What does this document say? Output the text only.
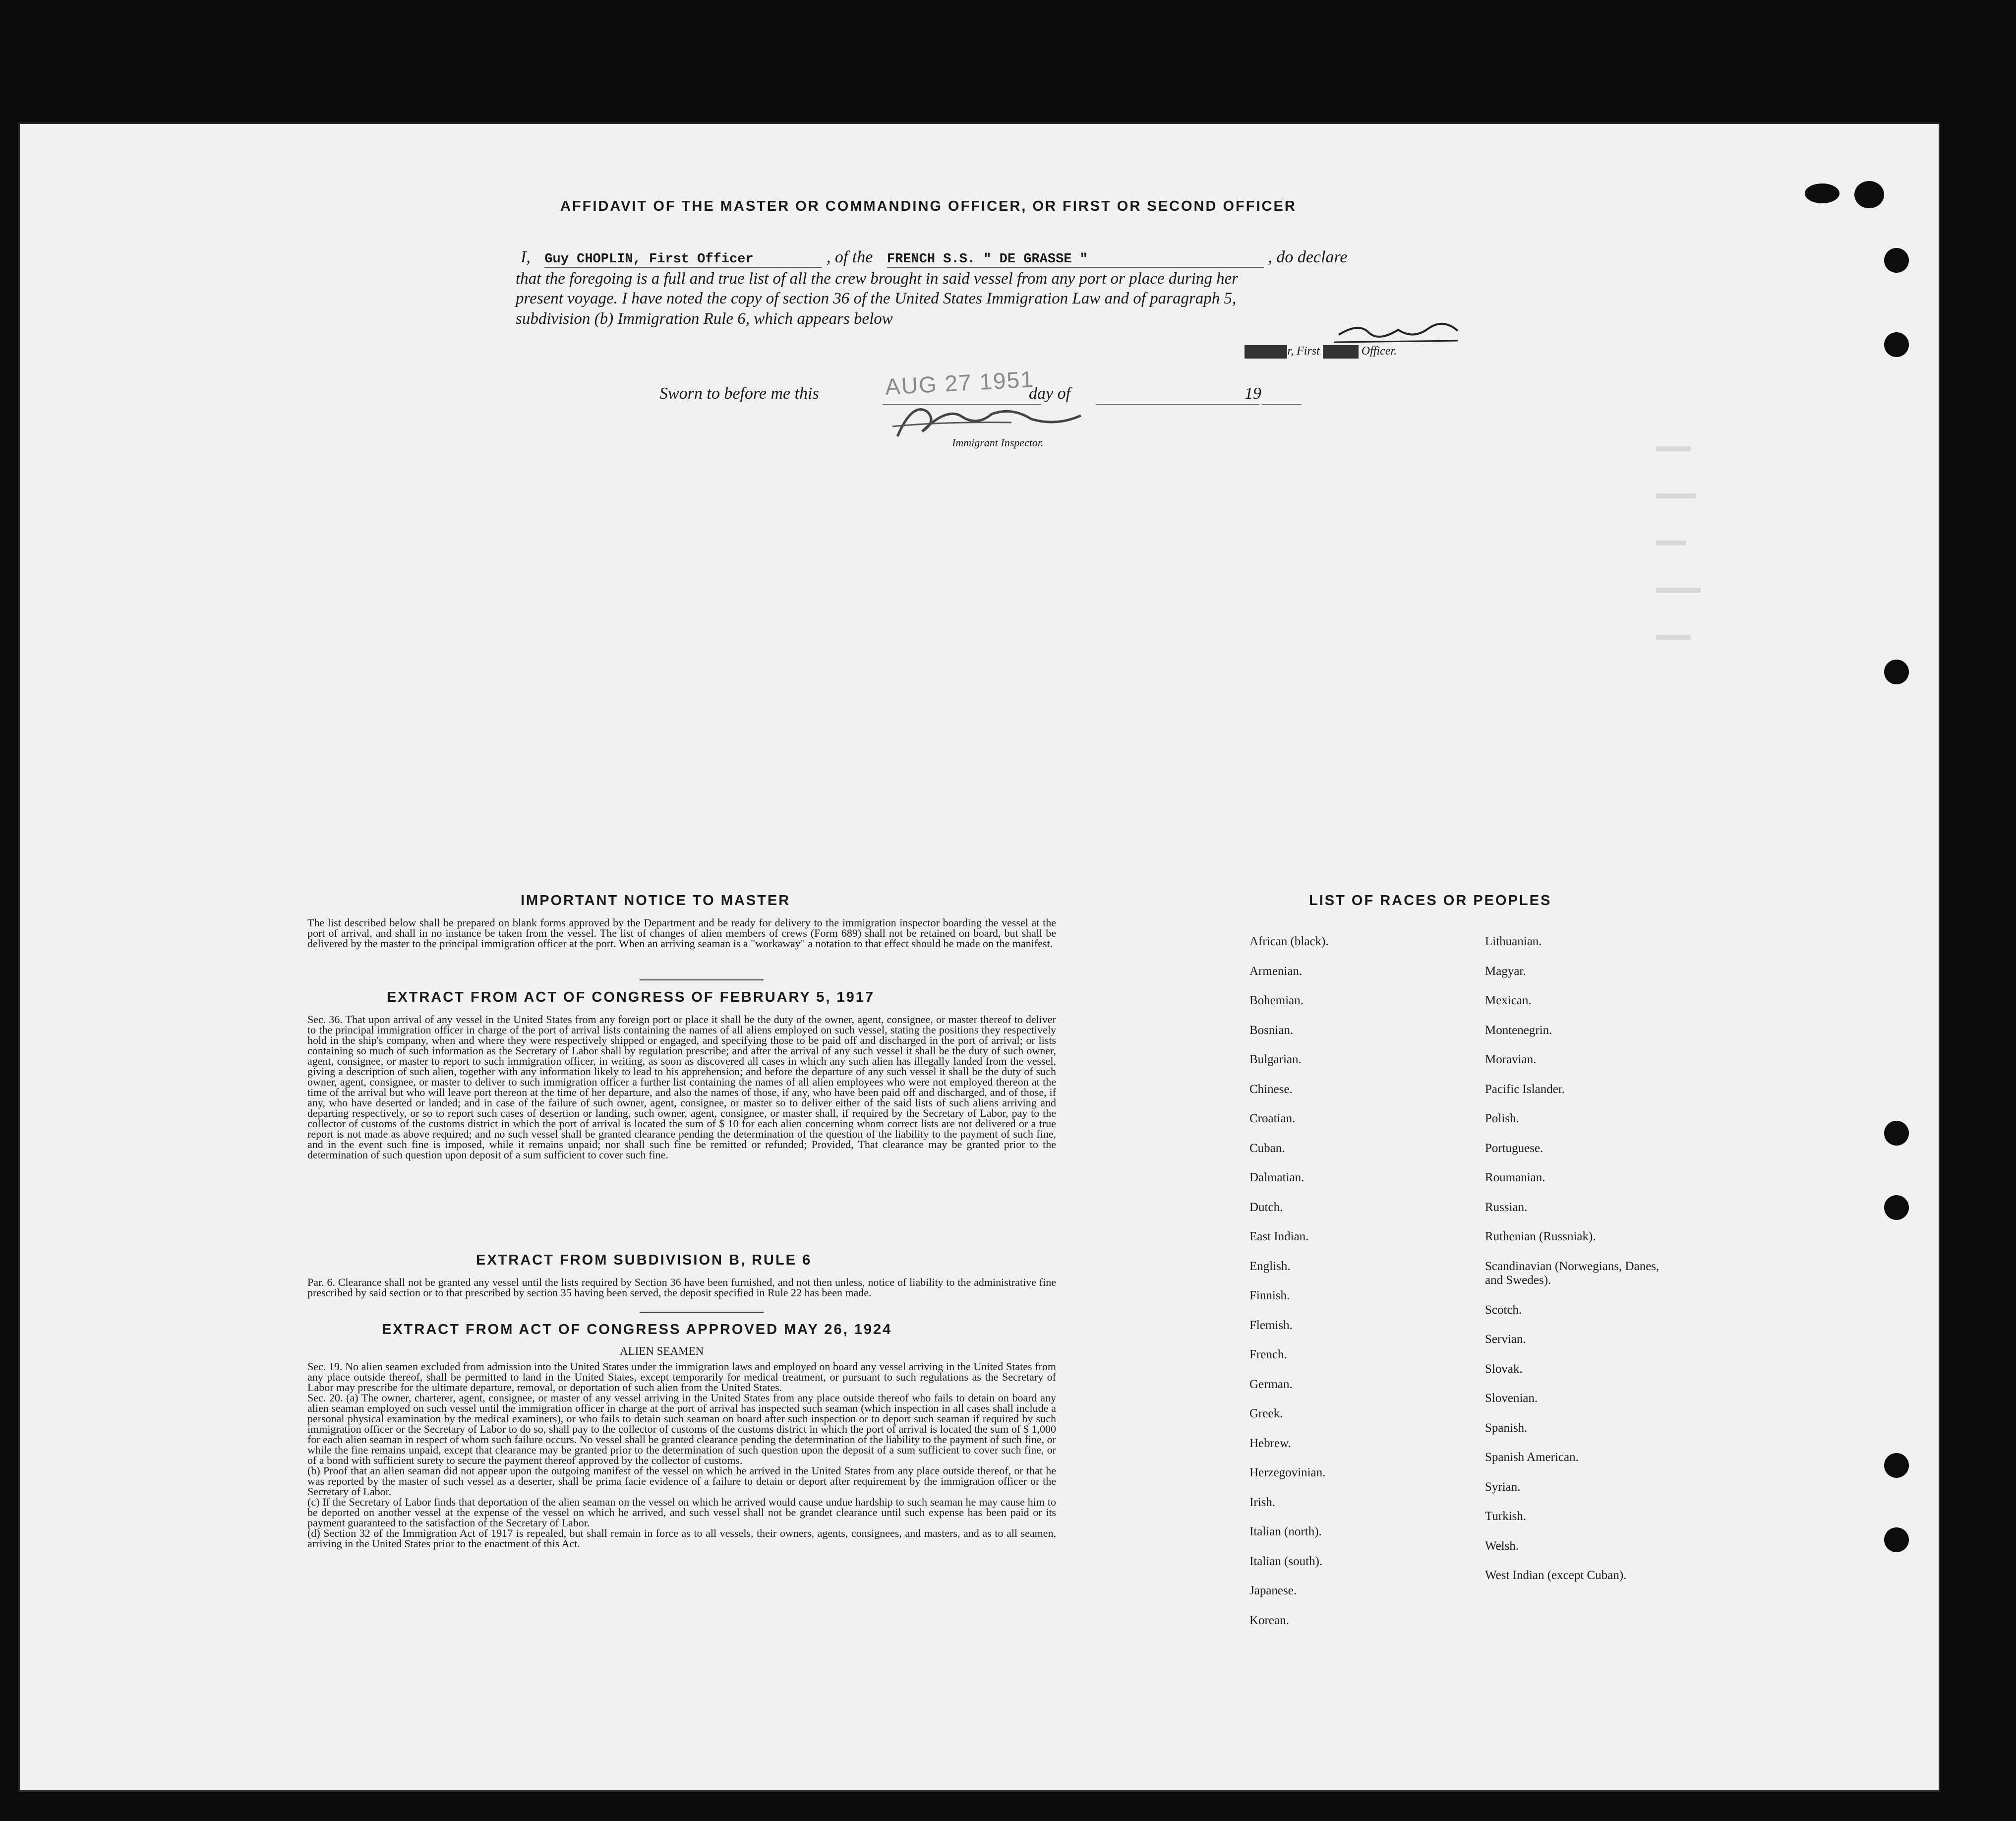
AFFIDAVIT OF THE MASTER OR COMMANDING OFFICER, OR FIRST OR SECOND OFFICER
I, Guy CHOPLIN, First Officer	, of the FRENCH S.S. " DE GRASSE "	, do declare
that the foregoing is a full and true list of all the crew brought in said vessel from any port or place during her
present voyage. I have noted the copy of section 36 of the United States Immigration Law and of paragraph 5,
subdivision (b) Immigration Rule 6, which appears below
XXXXXXr, First XXXXX Officer.
Sworn to before me this	AUG 27 1951
day of	19
Immigrant Inspector.
IMPORTANT NOTICE TO MASTER
The list described below shall be prepared on blank forms approved by the Department and be ready for delivery to the immigration inspector boarding the vessel at the port of arrival, and shall in no instance be taken from the vessel. The list of changes of alien members of crews (Form 689) shall not be retained on board, but shall be delivered by the master to the principal immigration officer at the port. When an arriving seaman is a "workaway" a notation to that effect should be made on the manifest.
EXTRACT FROM ACT OF CONGRESS OF FEBRUARY 5, 1917
Sec. 36. That upon arrival of any vessel in the United States from any foreign port or place it shall be the duty of the owner, agent, consignee, or master thereof to deliver to the principal immigration officer in charge of the port of arrival lists containing the names of all aliens employed on such vessel, stating the positions they respectively hold in the ship's company, when and where they were respectively shipped or engaged, and specifying those to be paid off and discharged in the port of arrival; or lists containing so much of such information as the Secretary of Labor shall by regulation prescribe; and after the arrival of any such vessel it shall be the duty of such owner, agent, consignee, or master to report to such immigration officer, in writing, as soon as discovered all cases in which any such alien has illegally landed from the vessel, giving a description of such alien, together with any information likely to lead to his apprehension; and before the departure of any such vessel it shall be the duty of such owner, agent, consignee, or master to deliver to such immigration officer a further list containing the names of all alien employees who were not employed thereon at the time of the arrival but who will leave port thereon at the time of her departure, and also the names of those, if any, who have been paid off and discharged, and of those, if any, who have deserted or landed; and in case of the failure of such owner, agent, consignee, or master so to deliver either of the said lists of such aliens arriving and departing respectively, or so to report such cases of desertion or landing, such owner, agent, consignee, or master shall, if required by the Secretary of Labor, pay to the collector of customs of the customs district in which the port of arrival is located the sum of $ 10 for each alien concerning whom correct lists are not delivered or a true report is not made as above required; and no such vessel shall be granted clearance pending the determination of the question of the liability to the payment of such fine, and in the event such fine is imposed, while it remains unpaid; nor shall such fine be remitted or refunded; Provided, That clearance may be granted prior to the determination of such question upon deposit of a sum sufficient to cover such fine.
EXTRACT FROM SUBDIVISION B, RULE 6
Par. 6. Clearance shall not be granted any vessel until the lists required by Section 36 have been furnished, and not then unless, notice of liability to the administrative fine prescribed by said section or to that prescribed by section 35 having been served, the deposit specified in Rule 22 has been made.
EXTRACT FROM ACT OF CONGRESS APPROVED MAY 26, 1924
ALIEN SEAMEN
Sec. 19. No alien seamen excluded from admission into the United States under the immigration laws and employed on board any vessel arriving in the United States from any place outside thereof, shall be permitted to land in the United States, except temporarily for medical treatment, or pursuant to such regulations as the Secretary of Labor may prescribe for the ultimate departure, removal, or deportation of such alien from the United States.
Sec. 20. (a) The owner, charterer, agent, consignee, or master of any vessel arriving in the United States from any place outside thereof who fails to detain on board any alien seaman employed on such vessel until the immigration officer in charge at the port of arrival has inspected such seaman (which inspection in all cases shall include a personal physical examination by the medical examiners), or who fails to detain such seaman on board after such inspection or to deport such seaman if required by such immigration officer or the Secretary of Labor to do so, shall pay to the collector of customs of the customs district in which the port of arrival is located the sum of $ 1,000 for each alien seaman in respect of whom such failure occurs. No vessel shall be granted clearance pending the determination of the liability to the payment of such fine, or while the fine remains unpaid, except that clearance may be granted prior to the determination of such question upon the deposit of a sum sufficient to cover such fine, or of a bond with sufficient surety to secure the payment thereof approved by the collector of customs.
(b) Proof that an alien seaman did not appear upon the outgoing manifest of the vessel on which he arrived in the United States from any place outside thereof, or that he was reported by the master of such vessel as a deserter, shall be prima facie evidence of a failure to detain or deport after requirement by the immigration officer or the Secretary of Labor.
(c) If the Secretary of Labor finds that deportation of the alien seaman on the vessel on which he arrived would cause undue hardship to such seaman he may cause him to be deported on another vessel at the expense of the vessel on which he arrived, and such vessel shall not be grandet clearance until such expense has been paid or its payment guaranteed to the satisfaction of the Secretary of Labor.
(d) Section 32 of the Immigration Act of 1917 is repealed, but shall remain in force as to all vessels, their owners, agents, consignees, and masters, and as to all seamen, arriving in the United States prior to the enactment of this Act.
LIST OF RACES OR PEOPLES
African (black).
Armenian.
Bohemian.
Bosnian.
Bulgarian.
Chinese.
Croatian.
Cuban.
Dalmatian.
Dutch.
East Indian.
English.
Finnish.
Flemish.
French.
German.
Greek.
Hebrew.
Herzegovinian.
Irish.
Italian (north).
Italian (south).
Japanese.
Korean.
Lithuanian.
Magyar.
Mexican.
Montenegrin.
Moravian.
Pacific Islander.
Polish.
Portuguese.
Roumanian.
Russian.
Ruthenian (Russniak).
Scandinavian (Norwegians, Danes, and Swedes).
Scotch.
Servian.
Slovak.
Slovenian.
Spanish.
Spanish American.
Syrian.
Turkish.
Welsh.
West Indian (except Cuban).
